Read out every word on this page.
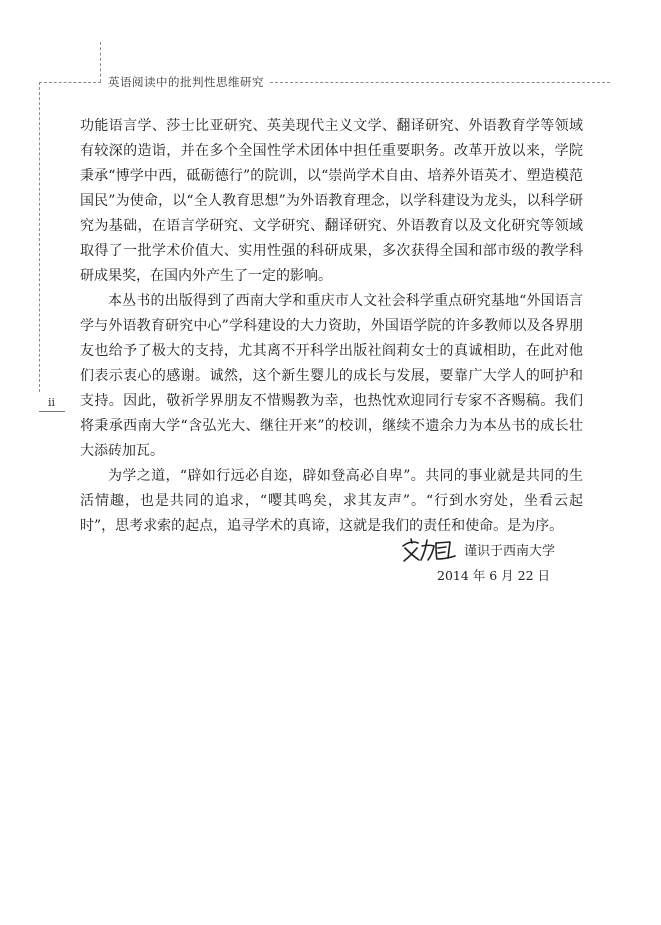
英语阅读中的批判性思维研究
ii

功能语言学、莎士比亚研究、英美现代主义文学、翻译研究、外语教育学等领域有较深的造诣，并在多个全国性学术团体中担任重要职务。改革开放以来，学院秉承“博学中西，砥砺德行”的院训，以“崇尚学术自由、培养外语英才、塑造模范国民”为使命，以“全人教育思想”为外语教育理念，以学科建设为龙头，以科学研究为基础，在语言学研究、文学研究、翻译研究、外语教育以及文化研究等领域取得了一批学术价值大、实用性强的科研成果，多次获得全国和部市级的教学科研成果奖，在国内外产生了一定的影响。

本丛书的出版得到了西南大学和重庆市人文社会科学重点研究基地“外国语言学与外语教育研究中心”学科建设的大力资助，外国语学院的许多教师以及各界朋友也给予了极大的支持，尤其离不开科学出版社阎莉女士的真诚相助，在此对他们表示衷心的感谢。诚然，这个新生婴儿的成长与发展，要靠广大学人的呵护和支持。因此，敬祈学界朋友不惜赐教为幸，也热忱欢迎同行专家不吝赐稿。我们将秉承西南大学“含弘光大、继往开来”的校训，继续不遗余力为本丛书的成长壮大添砖加瓦。

为学之道，“辟如行远必自迩，辟如登高必自卑”。共同的事业就是共同的生活情趣，也是共同的追求，“嘤其鸣矣，求其友声”。“行到水穷处，坐看云起时”，思考求索的起点，追寻学术的真谛，这就是我们的责任和使命。是为序。

谨识于西南大学
2014 年 6 月 22 日
